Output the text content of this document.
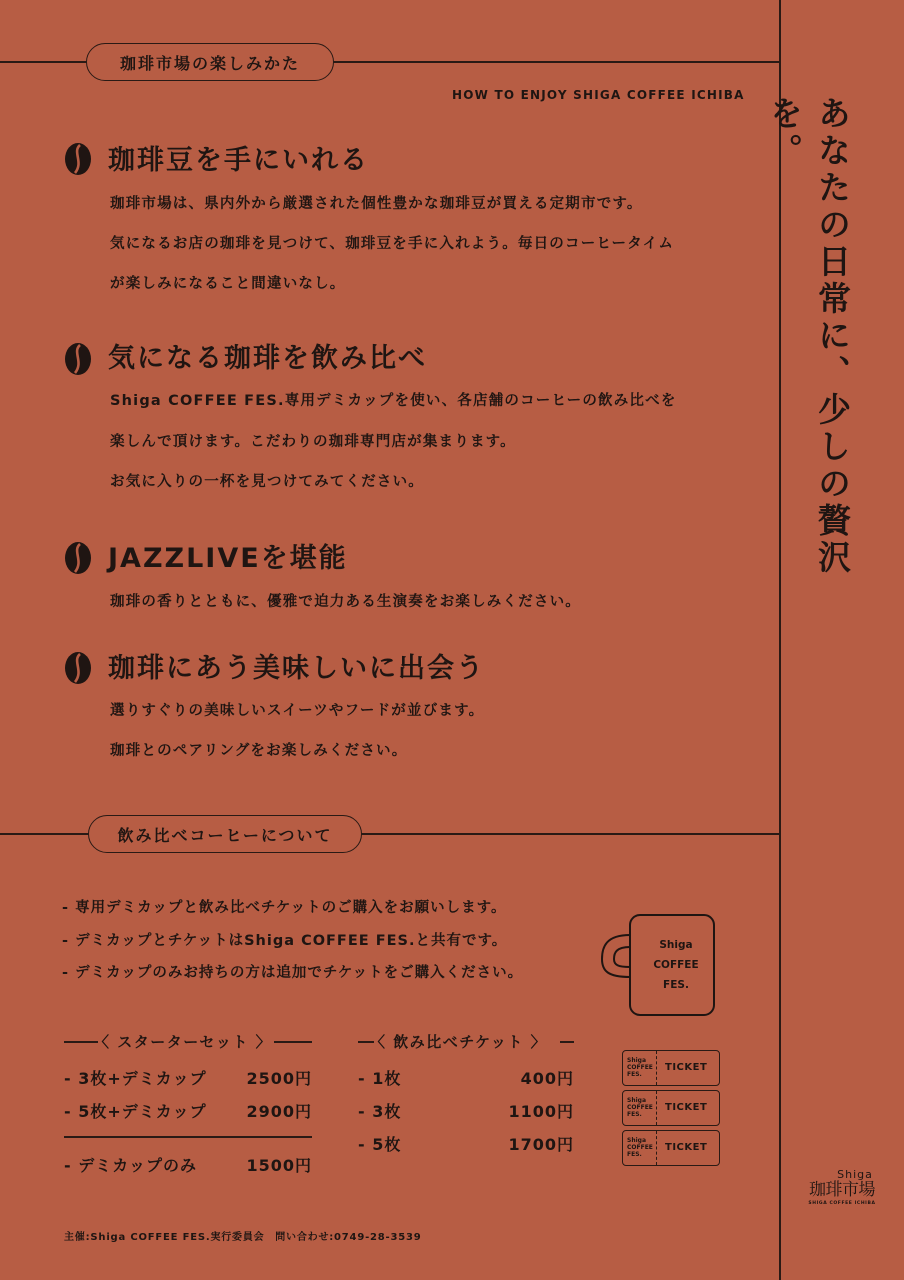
珈琲市場の楽しみかた
HOW TO ENJOY SHIGA COFFEE ICHIBA
あなたの日常に、少しの贅沢を。
珈琲豆を手にいれる
珈琲市場は、県内外から厳選された個性豊かな珈琲豆が買える定期市です。
気になるお店の珈琲を見つけて、珈琲豆を手に入れよう。毎日のコーヒータイム
が楽しみになること間違いなし。
気になる珈琲を飲み比べ
Shiga COFFEE FES.専用デミカップを使い、各店舗のコーヒーの飲み比べを
楽しんで頂けます。こだわりの珈琲専門店が集まります。
お気に入りの一杯を見つけてみてください。
JAZZLIVEを堪能
珈琲の香りとともに、優雅で迫力ある生演奏をお楽しみください。
珈琲にあう美味しいに出会う
選りすぐりの美味しいスイーツやフードが並びます。
珈琲とのペアリングをお楽しみください。
飲み比べコーヒーについて
- 専用デミカップと飲み比べチケットのご購入をお願いします。
- デミカップとチケットはShiga COFFEE FES.と共有です。
- デミカップのみお持ちの方は追加でチケットをご購入ください。
Shiga
COFFEE
FES.
〈 スターターセット 〉
- 3枚+デミカップ	2500円
- 5枚+デミカップ	2900円
- デミカップのみ	1500円
〈 飲み比べチケット 〉
- 1枚	400円
- 3枚	1100円
- 5枚	1700円
Shiga
COFFEE
FES.
TICKET
Shiga
COFFEE
FES.
TICKET
Shiga
COFFEE
FES.
TICKET
主催:Shiga COFFEE FES.実行委員会　問い合わせ:0749-28-3539
Shiga
珈琲市場
SHIGA COFFEE ICHIBA
